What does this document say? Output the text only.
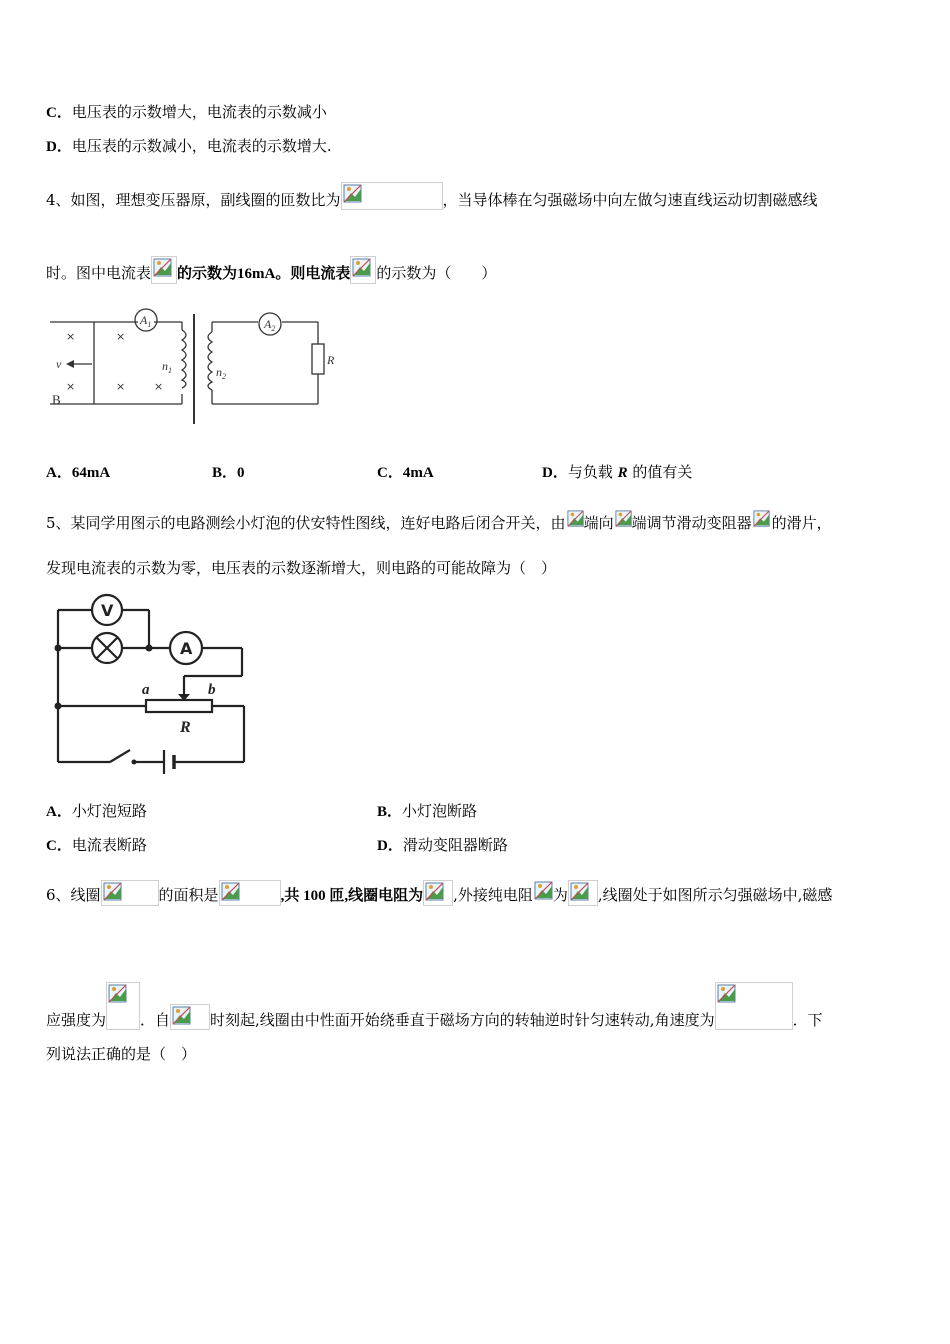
C．电压表的示数增大，电流表的示数减小
D．电压表的示数减小，电流表的示数增大.
4、如图，理想变压器原，副线圈的匝数比为	，当导体棒在匀强磁场中向左做匀速直线运动切割磁感线
时。图中电流表 的示数为16mA。则电流表 的示数为（　　）
$A_1$	$A_2$
v	$n_1$	$n_2$
R
B
×
×
×
×	×
A．64mA	B．0	C．4mA	D．与负载 R 的值有关
5、某同学用图示的电路测绘小灯泡的伏安特性图线，连好电路后闭合开关，由 端向 端调节滑动变阻器 的滑片，
发现电流表的示数为零，电压表的示数逐渐增大，则电路的可能故障为（　）
V
A
a	b
R
A．小灯泡短路	B．小灯泡断路
C．电流表断路	D．滑动变阻器断路
6、线圈	的面积是	,共 100 匝,线圈电阻为 ,外接纯电阻 为 ,线圈处于如图所示匀强磁场中,磁感
应强度为 ．自	时刻起,线圈由中性面开始绕垂直于磁场方向的转轴逆时针匀速转动,角速度为	．下
列说法正确的是（　）
